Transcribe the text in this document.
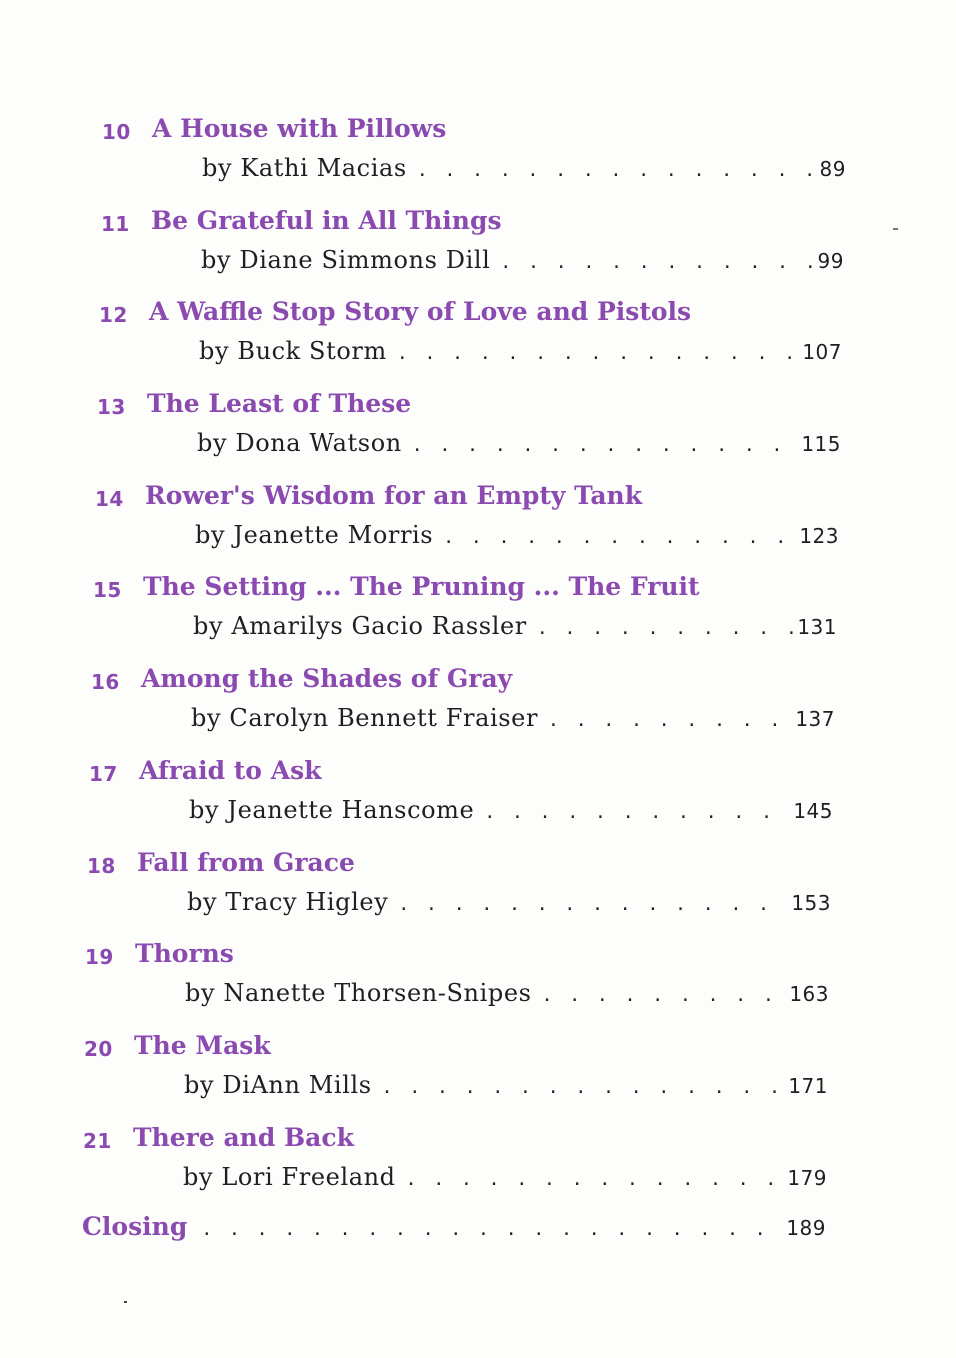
10 A House with Pillows
by Kathi Macias . . .	89
11 Be Grateful in All Things
by Diane Simmons Dill . . .	99
12 A Waffle Stop Story of Love and Pistols
by Buck Storm . . .	107
13 The Least of These
by Dona Watson . . .	115
14 Rower's Wisdom for an Empty Tank
by Jeanette Morris . . .	123
15 The Setting ... The Pruning ... The Fruit
by Amarilys Gacio Rassler . . .	131
16 Among the Shades of Gray
by Carolyn Bennett Fraiser . . .	137
17 Afraid to Ask
by Jeanette Hanscome . . .	145
18 Fall from Grace
by Tracy Higley . . .	153
19 Thorns
by Nanette Thorsen-Snipes . . .	163
20 The Mask
by DiAnn Mills . . .	171
21 There and Back
by Lori Freeland . . .	179
Closing . . .	189
